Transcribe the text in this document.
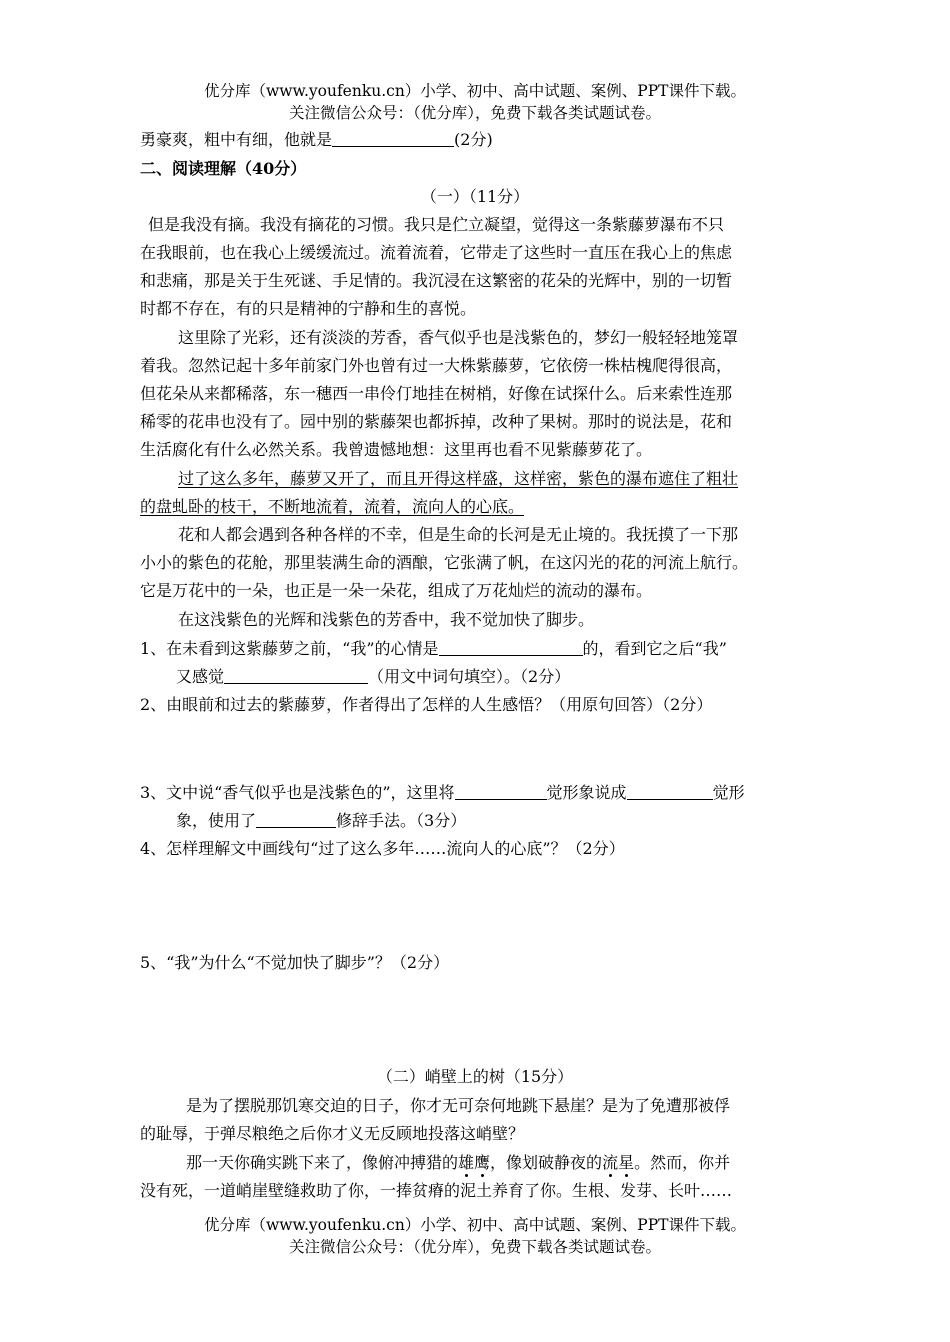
优分库（www.youfenku.cn）小学、初中、高中试题、案例、PPT课件下载。
关注微信公众号：（优分库），免费下载各类试题试卷。
勇豪爽，粗中有细，他就是	(2分)
二、阅读理解（40分）
（一）（11分）
但是我没有摘。我没有摘花的习惯。我只是伫立凝望，觉得这一条紫藤萝瀑布不只
在我眼前，也在我心上缓缓流过。流着流着，它带走了这些时一直压在我心上的焦虑
和悲痛，那是关于生死谜、手足情的。我沉浸在这繁密的花朵的光辉中，别的一切暂
时都不存在，有的只是精神的宁静和生的喜悦。
这里除了光彩，还有淡淡的芳香，香气似乎也是浅紫色的，梦幻一般轻轻地笼罩
着我。忽然记起十多年前家门外也曾有过一大株紫藤萝，它依傍一株枯槐爬得很高，
但花朵从来都稀落，东一穗西一串伶仃地挂在树梢，好像在试探什么。后来索性连那
稀零的花串也没有了。园中别的紫藤架也都拆掉，改种了果树。那时的说法是，花和
生活腐化有什么必然关系。我曾遗憾地想：这里再也看不见紫藤萝花了。
过了这么多年，藤萝又开了，而且开得这样盛，这样密，紫色的瀑布遮住了粗壮
的盘虬卧的枝干，不断地流着，流着，流向人的心底。
花和人都会遇到各种各样的不幸，但是生命的长河是无止境的。我抚摸了一下那
小小的紫色的花舱，那里装满生命的酒酿，它张满了帆，在这闪光的花的河流上航行。
它是万花中的一朵，也正是一朵一朵花，组成了万花灿烂的流动的瀑布。
在这浅紫色的光辉和浅紫色的芳香中，我不觉加快了脚步。
1、在未看到这紫藤萝之前，“我”的心情是	的，看到它之后“我”
又感觉	（用文中词句填空）。（2分）
2、由眼前和过去的紫藤萝，作者得出了怎样的人生感悟？（用原句回答）（2分）
3、文中说“香气似乎也是浅紫色的”，这里将	觉形象说成	觉形
象，使用了	修辞手法。（3分）
4、怎样理解文中画线句“过了这么多年……流向人的心底”？（2分）
5、“我”为什么“不觉加快了脚步”？（2分）
（二）峭壁上的树（15分）
是为了摆脱那饥寒交迫的日子，你才无可奈何地跳下悬崖？是为了免遭那被俘
的耻辱，于弹尽粮绝之后你才义无反顾地投落这峭壁？
那一天你确实跳下来了，像俯冲搏猎的雄鹰，像划破静夜的流星。然而，你并
没有死，一道峭崖壁缝救助了你，一捧贫瘠的泥土养育了你。生根、发芽、长叶……
优分库（www.youfenku.cn）小学、初中、高中试题、案例、PPT课件下载。
关注微信公众号：（优分库），免费下载各类试题试卷。
